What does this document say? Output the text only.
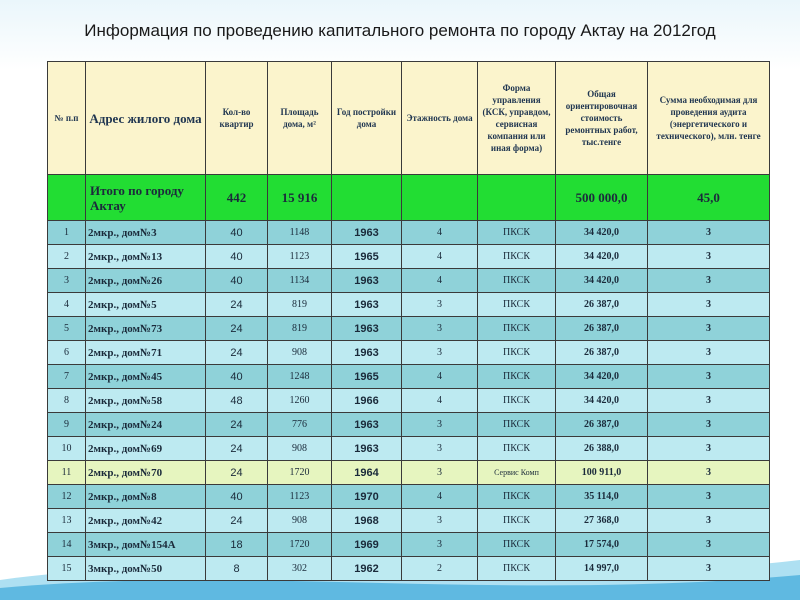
Информация по проведению капитального ремонта по городу Актау на 2012год
№ п.п	Адрес жилого дома	Кол-во квартир	Площадь дома, м²	Год постройки дома	Этажность дома	Форма управления (КСК, управдом, сервисная компания или иная форма)	Общая ориентировочная стоимость ремонтных работ, тыс.тенге	Сумма необходимая для проведения аудита (энергетического и технического), млн. тенге
	Итого по городу Актау	442	15 916				500 000,0	45,0
1	2мкр., дом№3	40	1148	1963	4	ПКСК	34 420,0	3
2	2мкр., дом№13	40	1123	1965	4	ПКСК	34 420,0	3
3	2мкр., дом№26	40	1134	1963	4	ПКСК	34 420,0	3
4	2мкр., дом№5	24	819	1963	3	ПКСК	26 387,0	3
5	2мкр., дом№73	24	819	1963	3	ПКСК	26 387,0	3
6	2мкр., дом№71	24	908	1963	3	ПКСК	26 387,0	3
7	2мкр., дом№45	40	1248	1965	4	ПКСК	34 420,0	3
8	2мкр., дом№58	48	1260	1966	4	ПКСК	34 420,0	3
9	2мкр., дом№24	24	776	1963	3	ПКСК	26 387,0	3
10	2мкр., дом№69	24	908	1963	3	ПКСК	26 388,0	3
11	2мкр., дом№70	24	1720	1964	3	Сервис Комп	100 911,0	3
12	2мкр., дом№8	40	1123	1970	4	ПКСК	35 114,0	3
13	2мкр., дом№42	24	908	1968	3	ПКСК	27 368,0	3
14	3мкр., дом№154А	18	1720	1969	3	ПКСК	17 574,0	3
15	3мкр., дом№50	8	302	1962	2	ПКСК	14 997,0	3
